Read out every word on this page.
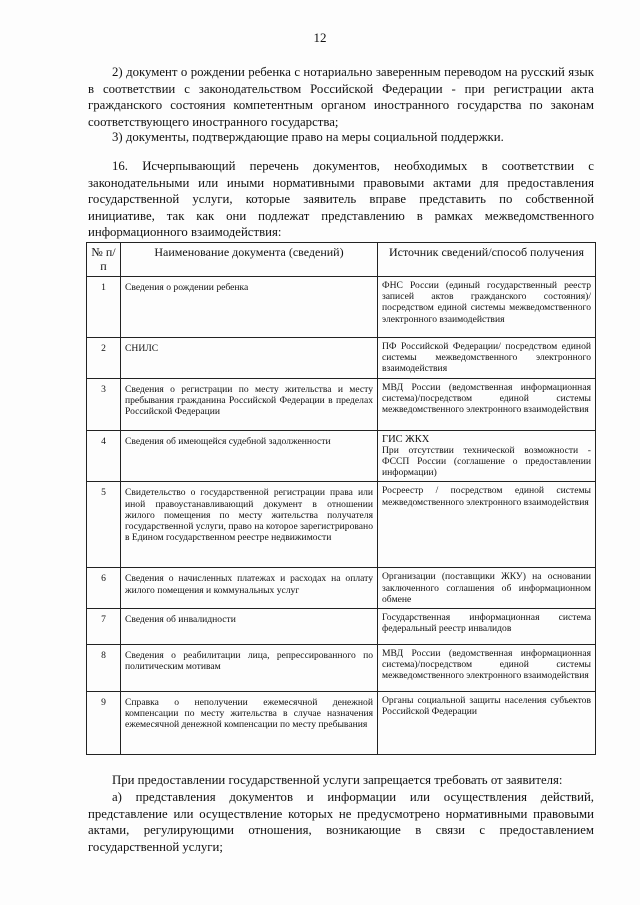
12
2) документ о рождении ребенка с нотариально заверенным переводом на русский язык в соответствии с законодательством Российской Федерации - при регистрации акта гражданского состояния компетентным органом иностранного государства по законам соответствующего иностранного государства;
3) документы, подтверждающие право на меры социальной поддержки.
16. Исчерпывающий перечень документов, необходимых в соответствии с законодательными или иными нормативными правовыми актами для предоставления государственной услуги, которые заявитель вправе представить по собственной инициативе, так как они подлежат представлению в рамках межведомственного информационного взаимодействия:
№ п/п	Наименование документа (сведений)	Источник сведений/способ получения
1	Сведения о рождении ребенка	ФНС России (единый государственный реестр записей актов гражданского состояния)/посредством единой системы межведомственного электронного взаимодействия
2	СНИЛС	ПФ Российской Федерации/ посредством единой системы межведомственного электронного взаимодействия
3	Сведения о регистрации по месту жительства и месту пребывания гражданина Российской Федерации в пределах Российской Федерации	МВД России (ведомственная информационная система)/посредством единой системы межведомственного электронного взаимодействия
4	Сведения об имеющейся судебной задолженности	ГИС ЖКХ
При отсутствии технической возможности - ФССП России (соглашение о предоставлении информации)
5	Свидетельство о государственной регистрации права или иной правоустанавливающий документ в отношении жилого помещения по месту жительства получателя государственной услуги, право на которое зарегистрировано в Едином государственном реестре недвижимости	Росреестр / посредством единой системы межведомственного электронного взаимодействия
6	Сведения о начисленных платежах и расходах на оплату жилого помещения и коммунальных услуг	Организации (поставщики ЖКУ) на основании заключенного соглашения об информационном обмене
7	Сведения об инвалидности	Государственная информационная система федеральный реестр инвалидов
8	Сведения о реабилитации лица, репрессированного по политическим мотивам	МВД России (ведомственная информационная система)/посредством единой системы межведомственного электронного взаимодействия
9	Справка о неполучении ежемесячной денежной компенсации по месту жительства в случае назначения ежемесячной денежной компенсации по месту пребывания	Органы социальной защиты населения субъектов Российской Федерации
При предоставлении государственной услуги запрещается требовать от заявителя:
а) представления документов и информации или осуществления действий, представление или осуществление которых не предусмотрено нормативными правовыми актами, регулирующими отношения, возникающие в связи с предоставлением государственной услуги;
